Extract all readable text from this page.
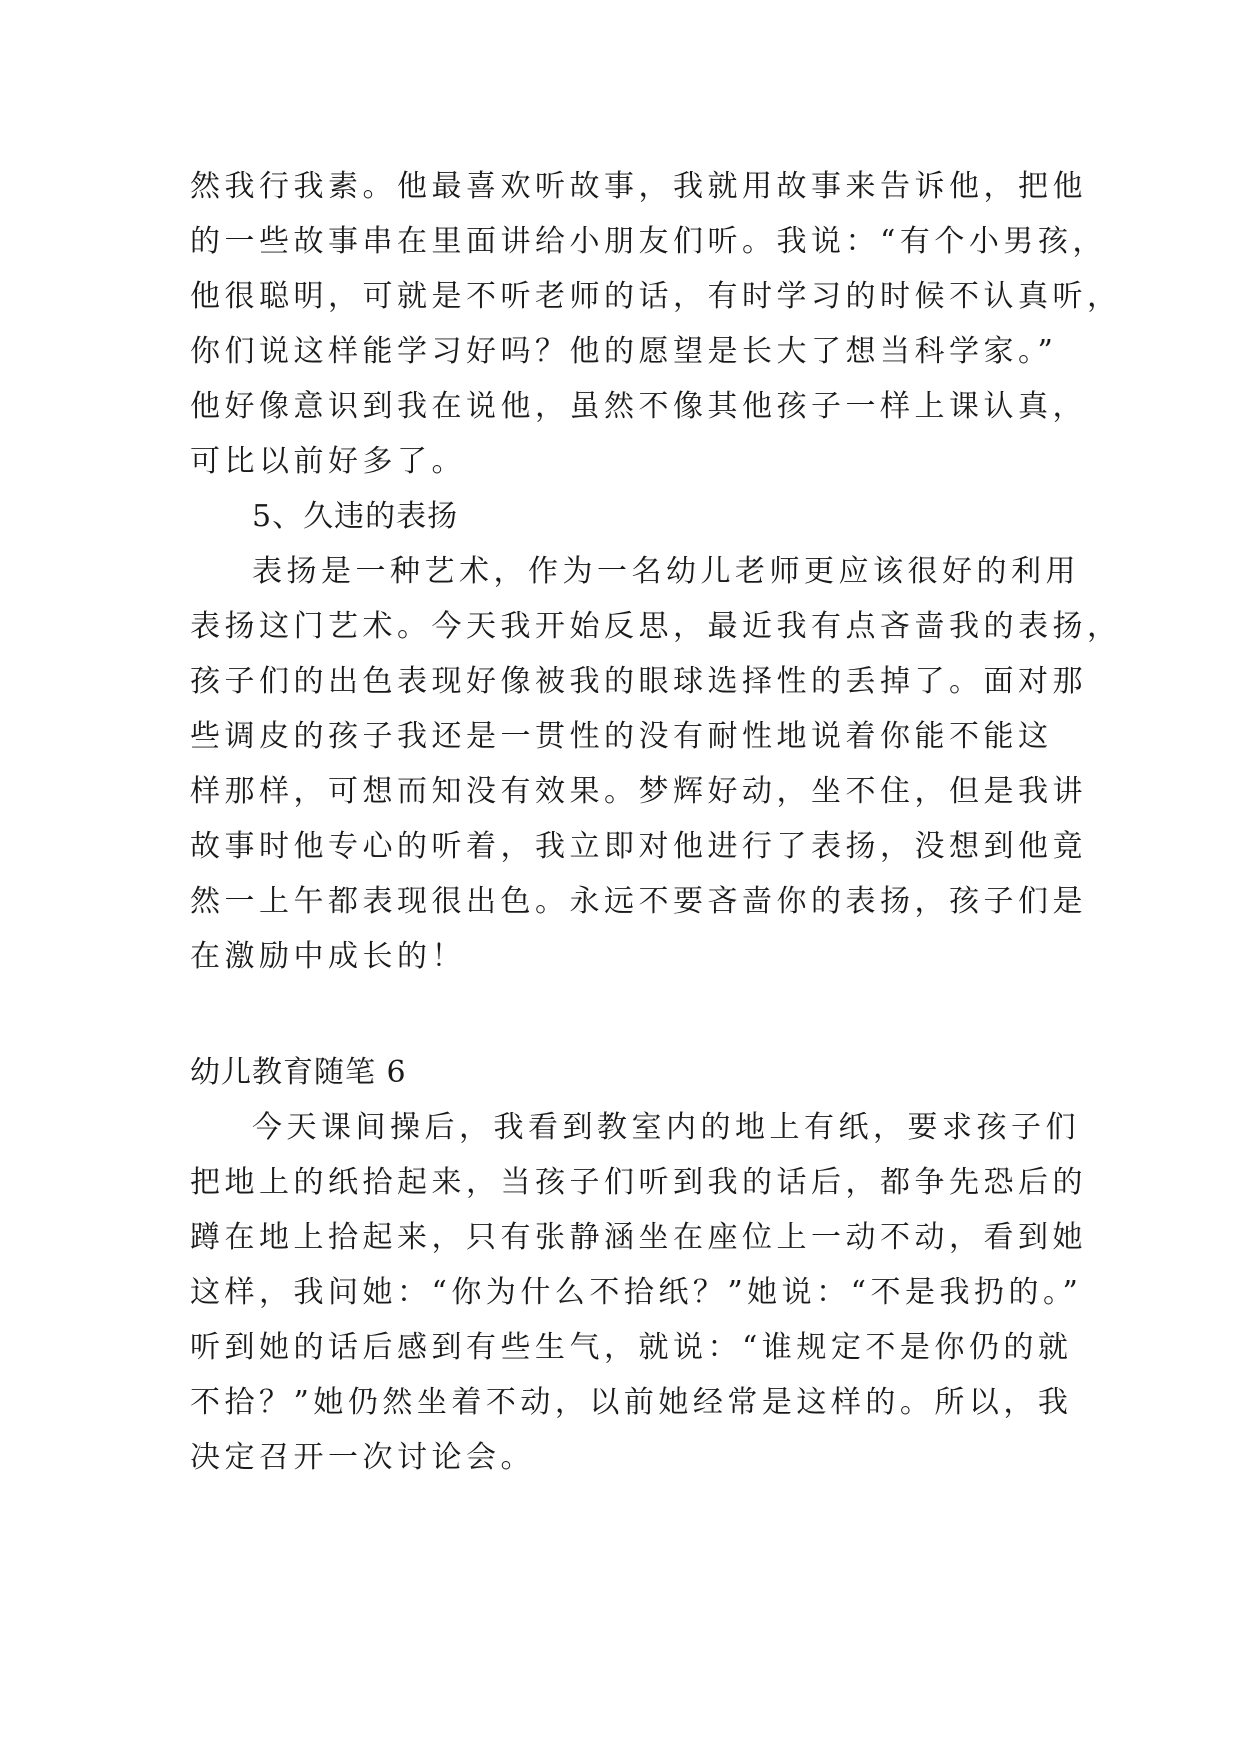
然我行我素。他最喜欢听故事，我就用故事来告诉他，把他
的一些故事串在里面讲给小朋友们听。我说：“有个小男孩，
他很聪明，可就是不听老师的话，有时学习的时候不认真听，
你们说这样能学习好吗？他的愿望是长大了想当科学家。”
他好像意识到我在说他，虽然不像其他孩子一样上课认真，
可比以前好多了。
5、久违的表扬
表扬是一种艺术，作为一名幼儿老师更应该很好的利用
表扬这门艺术。今天我开始反思，最近我有点吝啬我的表扬，
孩子们的出色表现好像被我的眼球选择性的丢掉了。面对那
些调皮的孩子我还是一贯性的没有耐性地说着你能不能这
样那样，可想而知没有效果。梦辉好动，坐不住，但是我讲
故事时他专心的听着，我立即对他进行了表扬，没想到他竟
然一上午都表现很出色。永远不要吝啬你的表扬，孩子们是
在激励中成长的！
幼儿教育随笔 6
今天课间操后，我看到教室内的地上有纸，要求孩子们
把地上的纸拾起来，当孩子们听到我的话后，都争先恐后的
蹲在地上拾起来，只有张静涵坐在座位上一动不动，看到她
这样，我问她：“你为什么不拾纸？”她说：“不是我扔的。”
听到她的话后感到有些生气，就说：“谁规定不是你仍的就
不拾？”她仍然坐着不动，以前她经常是这样的。所以，我
决定召开一次讨论会。
